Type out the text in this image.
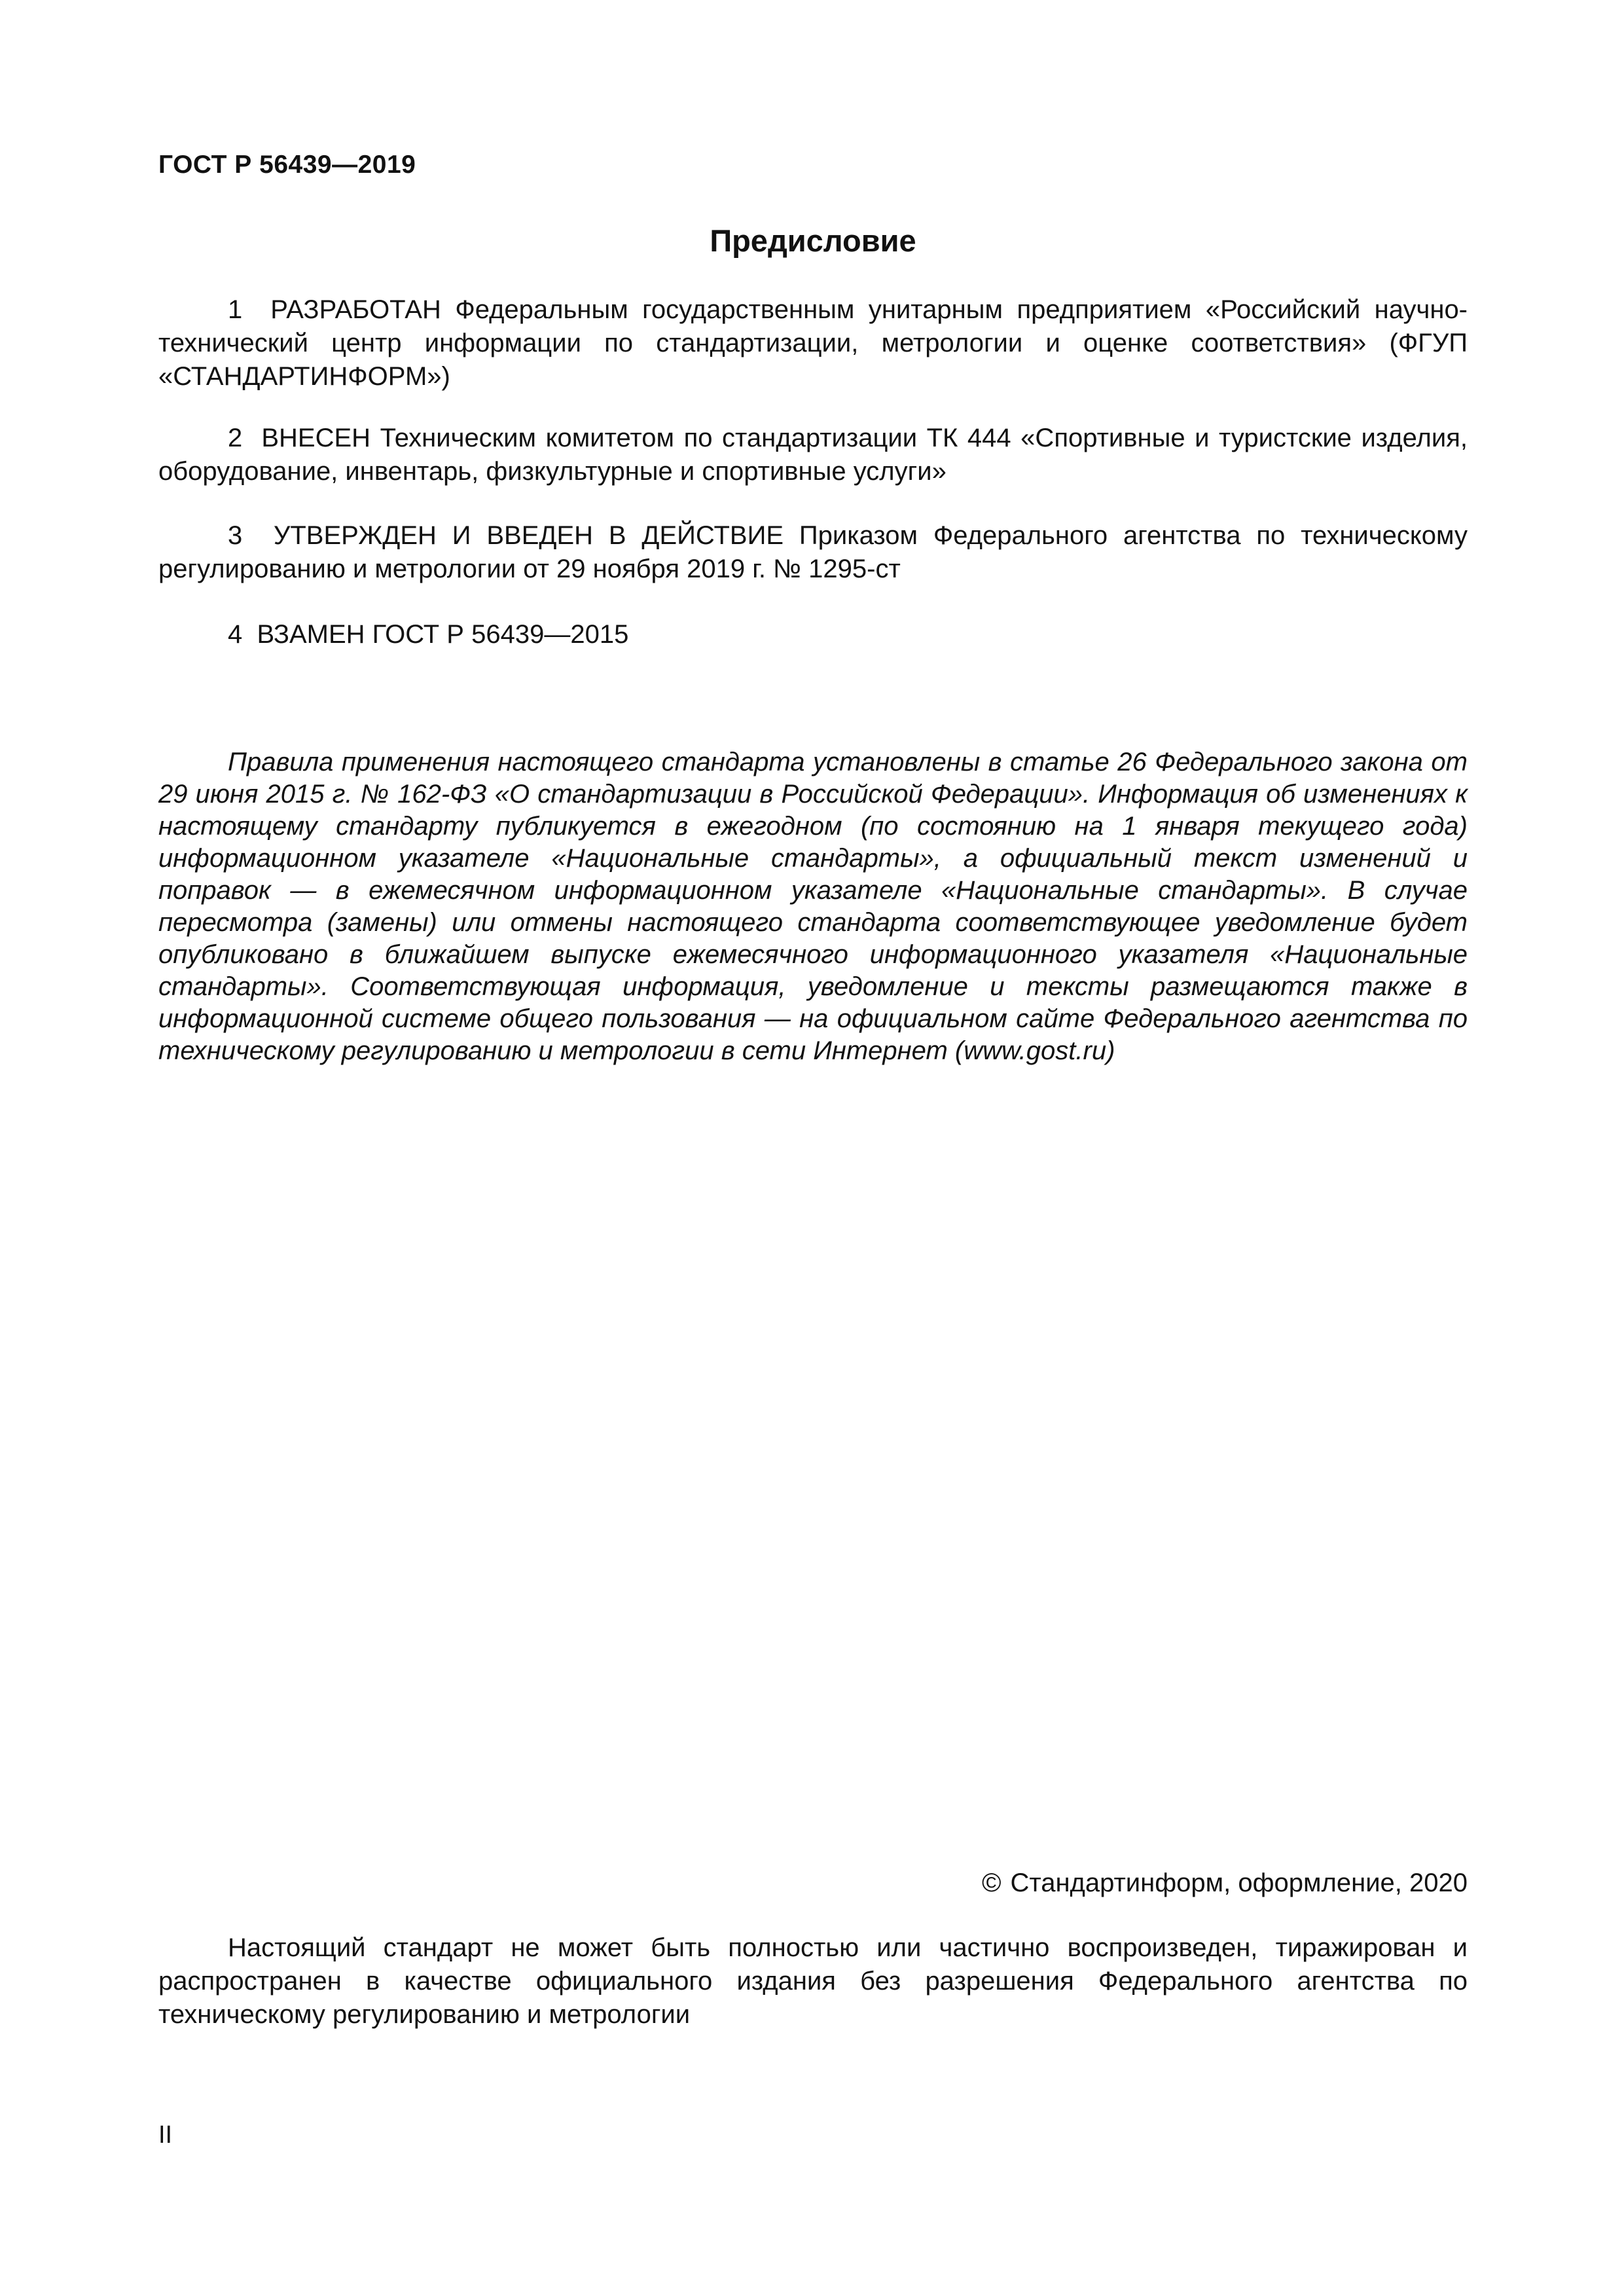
ГОСТ Р 56439—2019
Предисловие

1 РАЗРАБОТАН Федеральным государственным унитарным предприятием «Российский научно-технический центр информации по стандартизации, метрологии и оценке соответствия» (ФГУП «СТАНДАРТИНФОРМ»)

2 ВНЕСЕН Техническим комитетом по стандартизации ТК 444 «Спортивные и туристские изделия, оборудование, инвентарь, физкультурные и спортивные услуги»

3 УТВЕРЖДЕН И ВВЕДЕН В ДЕЙСТВИЕ Приказом Федерального агентства по техническому регулированию и метрологии от 29 ноября 2019 г. № 1295-ст

4 ВЗАМЕН ГОСТ Р 56439—2015

Правила применения настоящего стандарта установлены в статье 26 Федерального закона от 29 июня 2015 г. № 162-ФЗ «О стандартизации в Российской Федерации». Информация об изменениях к настоящему стандарту публикуется в ежегодном (по состоянию на 1 января текущего года) информационном указателе «Национальные стандарты», а официальный текст изменений и поправок — в ежемесячном информационном указателе «Национальные стандарты». В случае пересмотра (замены) или отмены настоящего стандарта соответствующее уведомление будет опубликовано в ближайшем выпуске ежемесячного информационного указателя «Национальные стандарты». Соответствующая информация, уведомление и тексты размещаются также в информационной системе общего пользования — на официальном сайте Федерального агентства по техническому регулированию и метрологии в сети Интернет (www.gost.ru)

© Стандартинформ, оформление, 2020

Настоящий стандарт не может быть полностью или частично воспроизведен, тиражирован и распространен в качестве официального издания без разрешения Федерального агентства по техническому регулированию и метрологии

II
